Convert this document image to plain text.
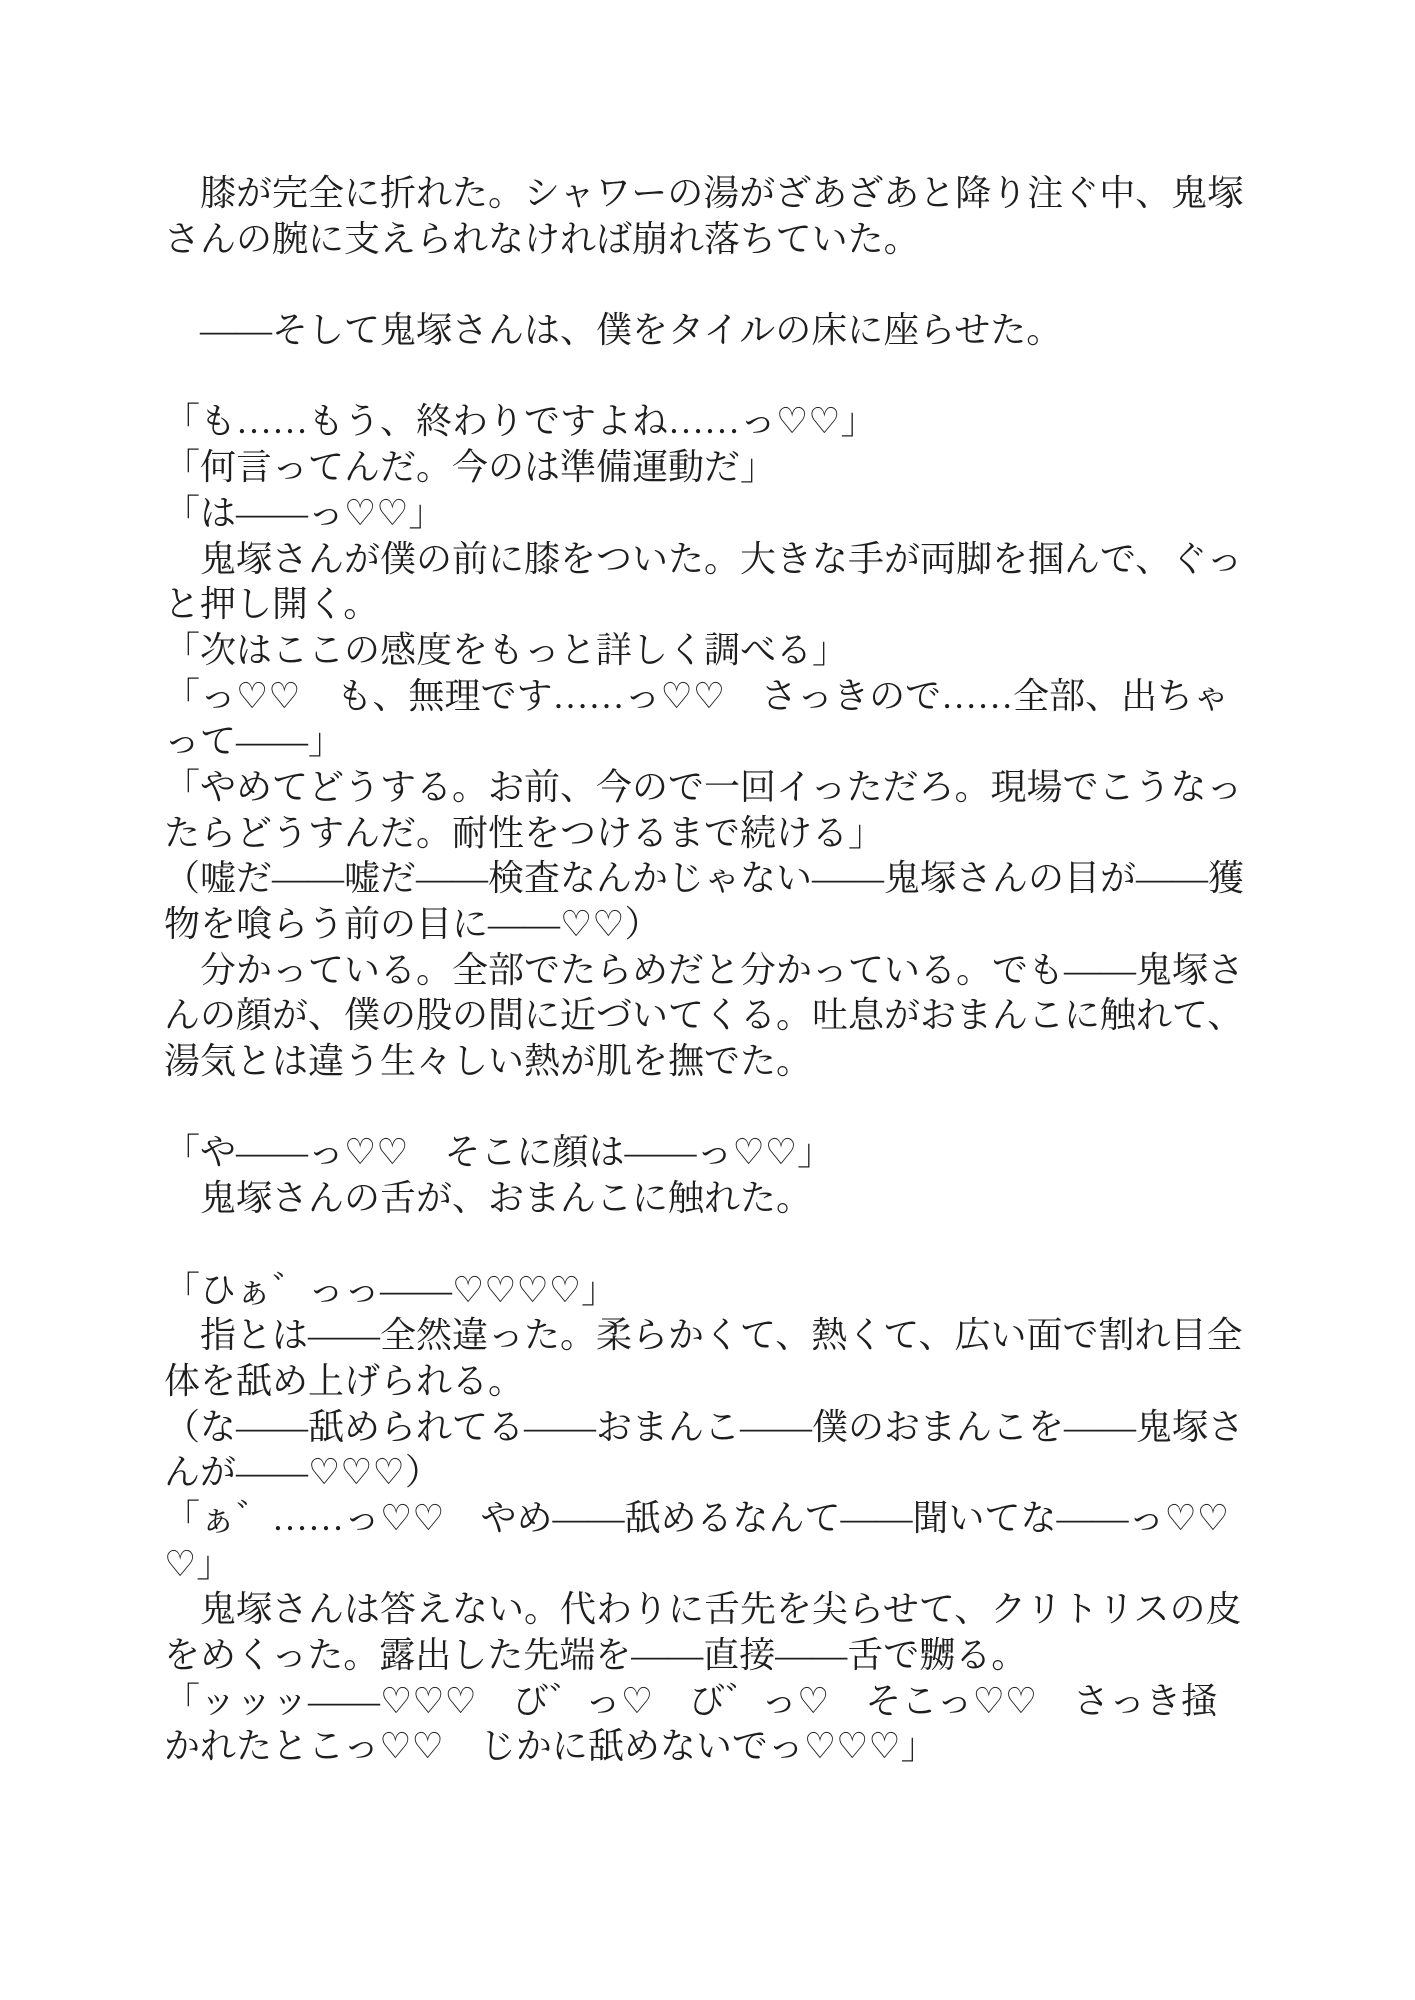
　膝が完全に折れた。シャワーの湯がざあざあと降り注ぐ中、鬼塚
さんの腕に支えられなければ崩れ落ちていた。

　——そして鬼塚さんは、僕をタイルの床に座らせた。

「も……もう、終わりですよね……っ♡♡」
「何言ってんだ。今のは準備運動だ」
「は——っ♡♡」
　鬼塚さんが僕の前に膝をついた。大きな手が両脚を掴んで、ぐっ
と押し開く。
「次はここの感度をもっと詳しく調べる」
「っ♡♡　も、無理です……っ♡♡　さっきので……全部、出ちゃ
って——」
「やめてどうする。お前、今ので一回イっただろ。現場でこうなっ
たらどうすんだ。耐性をつけるまで続ける」
（嘘だ——嘘だ——検査なんかじゃない——鬼塚さんの目が——獲
物を喰らう前の目に——♡♡）
　分かっている。全部でたらめだと分かっている。でも——鬼塚さ
んの顔が、僕の股の間に近づいてくる。吐息がおまんこに触れて、
湯気とは違う生々しい熱が肌を撫でた。

「や——っ♡♡　そこに顔は——っ♡♡」
　鬼塚さんの舌が、おまんこに触れた。

「ひぁ゛っっ——♡♡♡♡」
　指とは——全然違った。柔らかくて、熱くて、広い面で割れ目全
体を舐め上げられる。
（な——舐められてる——おまんこ——僕のおまんこを——鬼塚さ
んが——♡♡♡）
「ぁ゛……っ♡♡　やめ——舐めるなんて——聞いてな——っ♡♡
♡」
　鬼塚さんは答えない。代わりに舌先を尖らせて、クリトリスの皮
をめくった。露出した先端を——直接——舌で嬲る。
「ッッッ——♡♡♡　び゛っ♡　び゛っ♡　そこっ♡♡　さっき掻
かれたとこっ♡♡　じかに舐めないでっ♡♡♡」
